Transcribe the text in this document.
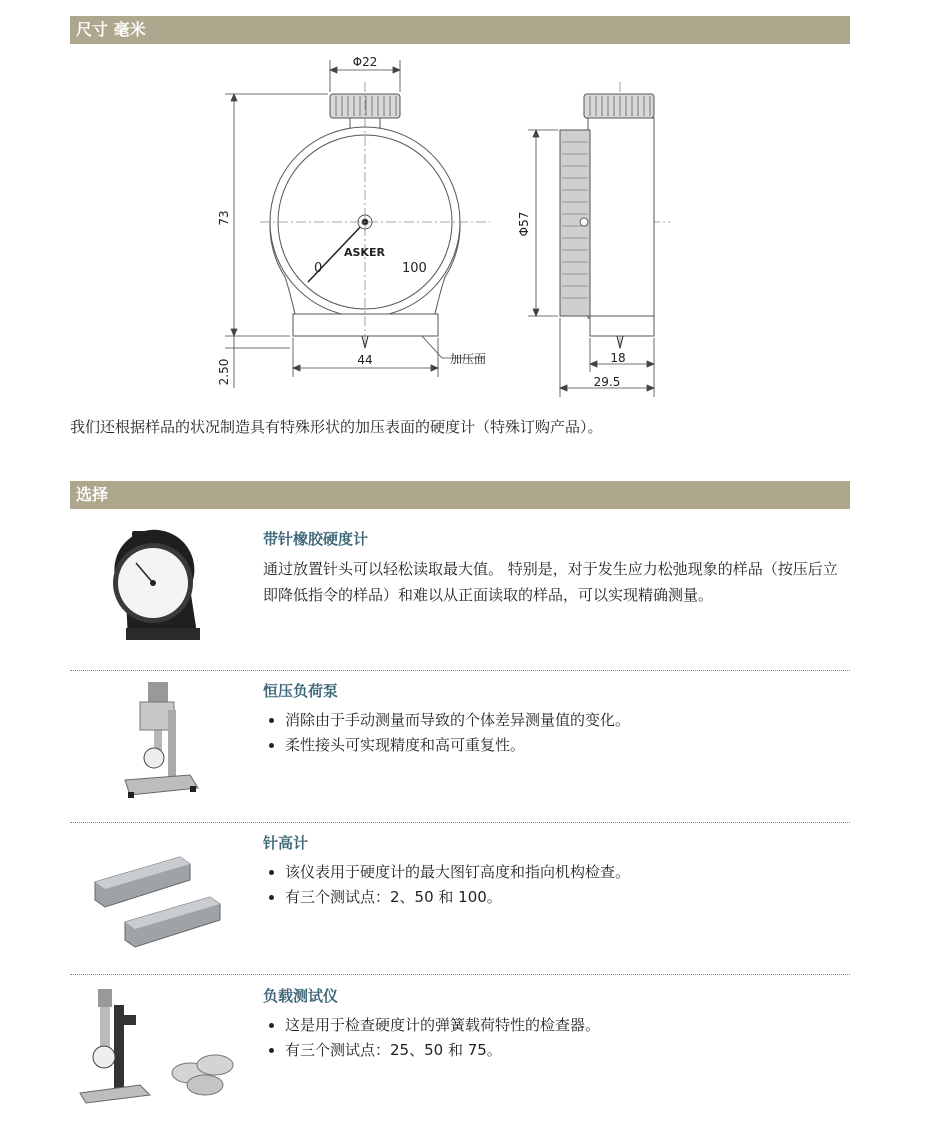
尺寸 毫米
Φ22
73
2.50	44	加压面
0	100
ASKER
Φ57
18
29.5
我们还根据样品的状况制造具有特殊形状的加压表面的硬度计（特殊订购产品）。
选择
带针橡胶硬度计
通过放置针头可以轻松读取最大值。 特别是，对于发生应力松弛现象的样品（按压后立即降低指令的样品）和难以从正面读取的样品，可以实现精确测量。
恒压负荷泵
• 消除由于手动测量而导致的个体差异测量值的变化。
• 柔性接头可实现精度和高可重复性。
针高计
• 该仪表用于硬度计的最大图钉高度和指向机构检查。
• 有三个测试点：2、50 和 100。
负载测试仪
• 这是用于检查硬度计的弹簧载荷特性的检查器。
• 有三个测试点：25、50 和 75。
